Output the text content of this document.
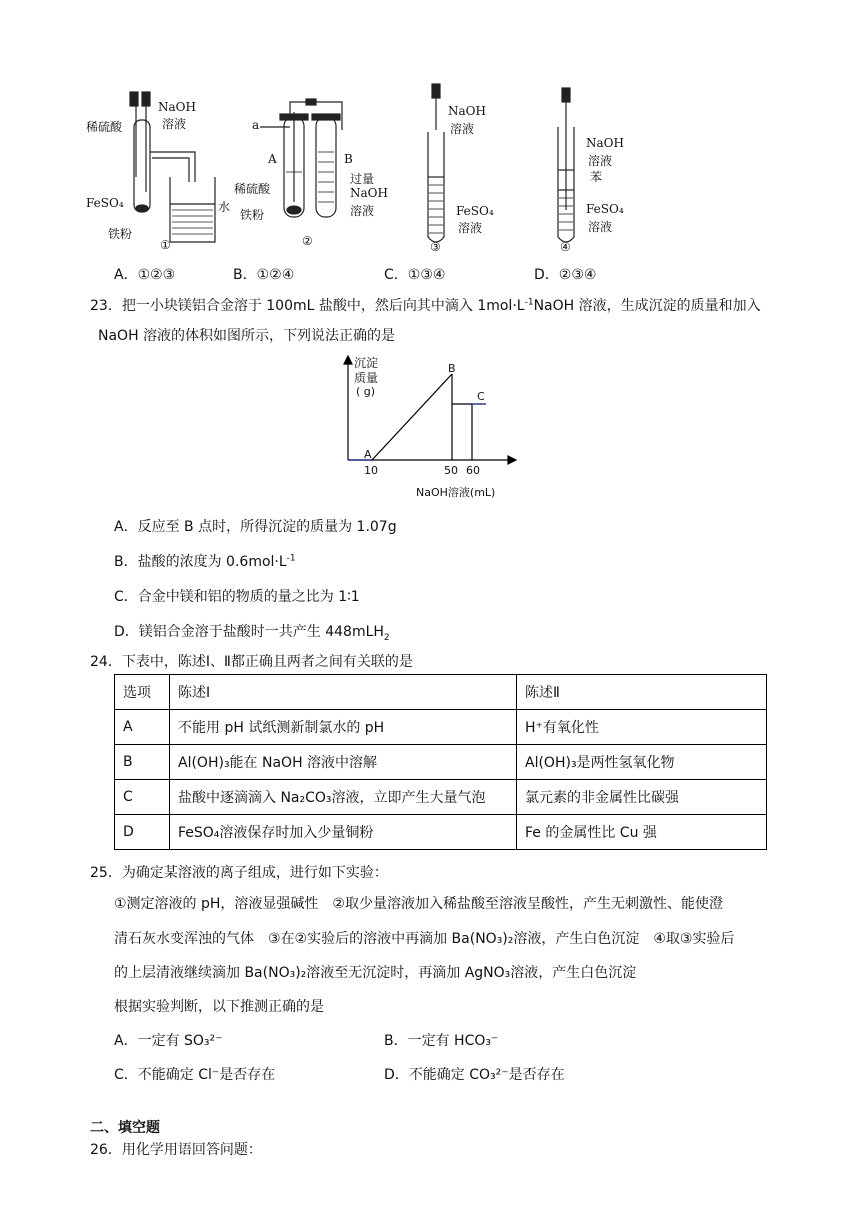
稀硫酸
NaOH
溶液
FeSO₄
铁粉
水
①
a
A	B
稀硫酸
铁粉
过量
NaOH
溶液
②
NaOH
溶液
FeSO₄
溶液
③
NaOH
溶液
苯
FeSO₄
溶液
④
A．①②③	B．①②④	C．①③④	D．②③④
23．把一小块镁铝合金溶于 100mL 盐酸中，然后向其中滴入 $1mol\cdot L^{-1}NaOH$ 溶液，生成沉淀的质量和加入
NaOH 溶液的体积如图所示，下列说法正确的是
沉淀
质量
( g)
A
B
C
10	50 60
NaOH溶液(mL)
A．反应至 B 点时，所得沉淀的质量为 1.07g
B．盐酸的浓度为 $0.6mol\cdot L^{-1}$
C．合金中镁和铝的物质的量之比为 1∶1
D．镁铝合金溶于盐酸时一共产生 448mLH$_2$
24．下表中，陈述Ⅰ、Ⅱ都正确且两者之间有关联的是
选项	陈述Ⅰ	陈述Ⅱ
A	不能用 pH 试纸测新制氯水的 pH	H⁺有氧化性
B	Al(OH)₃能在 NaOH 溶液中溶解	Al(OH)₃是两性氢氧化物
C	盐酸中逐滴滴入 Na₂CO₃溶液，立即产生大量气泡	氯元素的非金属性比碳强
D	FeSO₄溶液保存时加入少量铜粉	Fe 的金属性比 Cu 强
25．为确定某溶液的离子组成，进行如下实验：
①测定溶液的 pH，溶液显强碱性　②取少量溶液加入稀盐酸至溶液呈酸性，产生无刺激性、能使澄
清石灰水变浑浊的气体　③在②实验后的溶液中再滴加 Ba(NO₃)₂溶液，产生白色沉淀　④取③实验后
的上层清液继续滴加 Ba(NO₃)₂溶液至无沉淀时，再滴加 AgNO₃溶液，产生白色沉淀
根据实验判断，以下推测正确的是
A．一定有 SO₃²⁻	B．一定有 HCO₃⁻
C．不能确定 Cl⁻是否存在	D．不能确定 CO₃²⁻是否存在
二、填空题
26．用化学用语回答问题：
